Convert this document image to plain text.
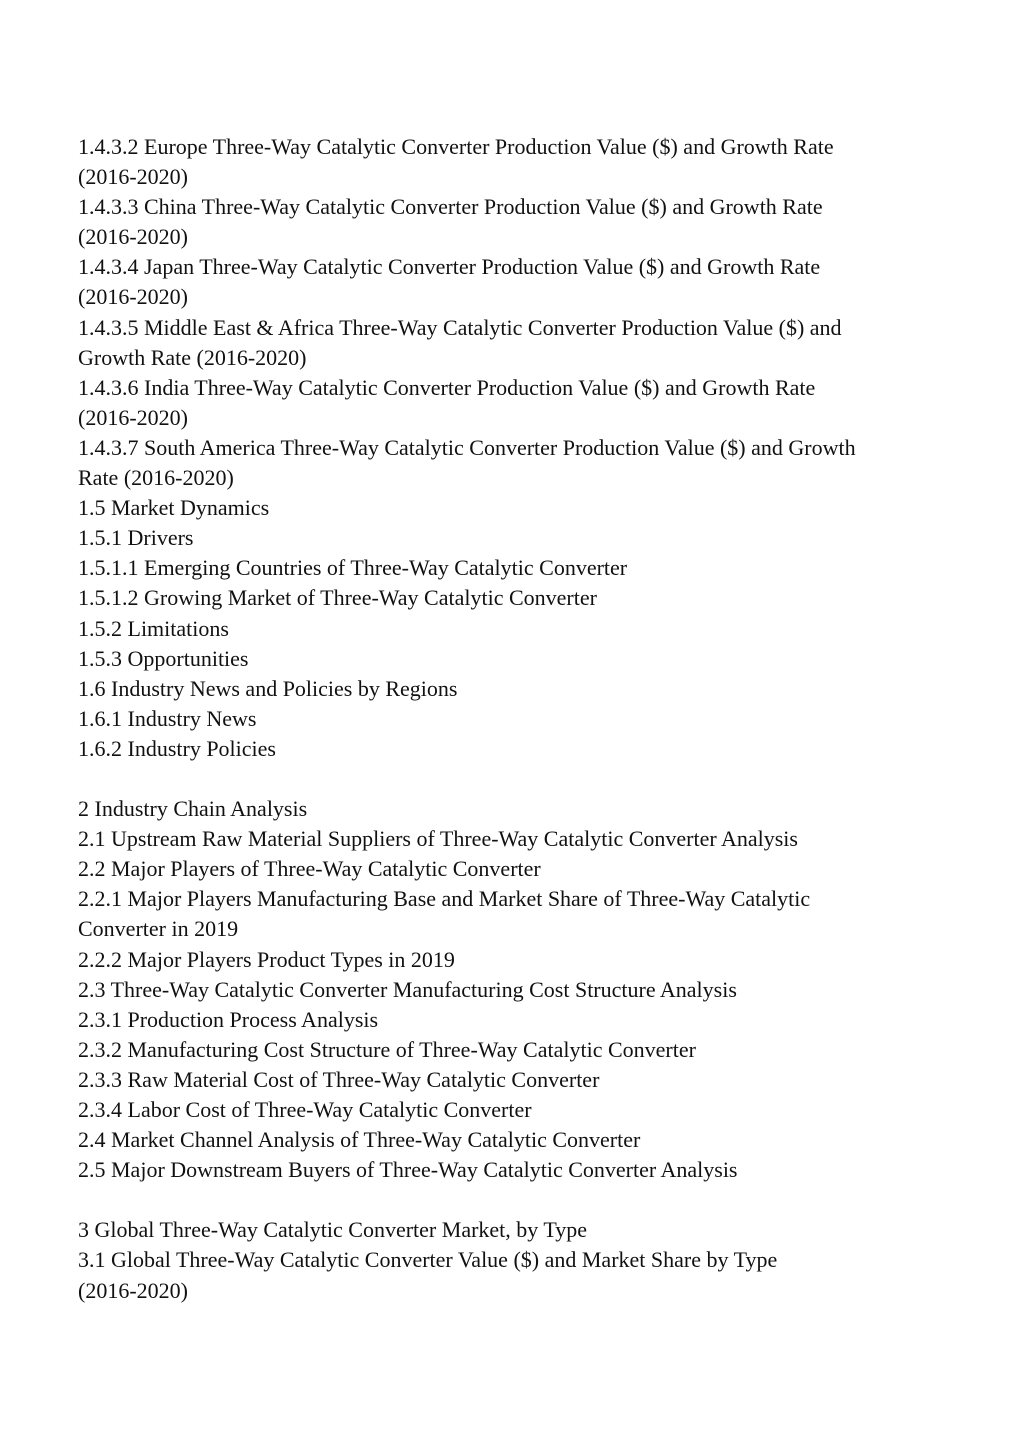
1.4.3.2 Europe Three-Way Catalytic Converter Production Value ($) and Growth Rate
(2016-2020)
1.4.3.3 China Three-Way Catalytic Converter Production Value ($) and Growth Rate
(2016-2020)
1.4.3.4 Japan Three-Way Catalytic Converter Production Value ($) and Growth Rate
(2016-2020)
1.4.3.5 Middle East & Africa Three-Way Catalytic Converter Production Value ($) and
Growth Rate (2016-2020)
1.4.3.6 India Three-Way Catalytic Converter Production Value ($) and Growth Rate
(2016-2020)
1.4.3.7 South America Three-Way Catalytic Converter Production Value ($) and Growth
Rate (2016-2020)
1.5 Market Dynamics
1.5.1 Drivers
1.5.1.1 Emerging Countries of Three-Way Catalytic Converter
1.5.1.2 Growing Market of Three-Way Catalytic Converter
1.5.2 Limitations
1.5.3 Opportunities
1.6 Industry News and Policies by Regions
1.6.1 Industry News
1.6.2 Industry Policies
2 Industry Chain Analysis
2.1 Upstream Raw Material Suppliers of Three-Way Catalytic Converter Analysis
2.2 Major Players of Three-Way Catalytic Converter
2.2.1 Major Players Manufacturing Base and Market Share of Three-Way Catalytic
Converter in 2019
2.2.2 Major Players Product Types in 2019
2.3 Three-Way Catalytic Converter Manufacturing Cost Structure Analysis
2.3.1 Production Process Analysis
2.3.2 Manufacturing Cost Structure of Three-Way Catalytic Converter
2.3.3 Raw Material Cost of Three-Way Catalytic Converter
2.3.4 Labor Cost of Three-Way Catalytic Converter
2.4 Market Channel Analysis of Three-Way Catalytic Converter
2.5 Major Downstream Buyers of Three-Way Catalytic Converter Analysis
3 Global Three-Way Catalytic Converter Market, by Type
3.1 Global Three-Way Catalytic Converter Value ($) and Market Share by Type
(2016-2020)
